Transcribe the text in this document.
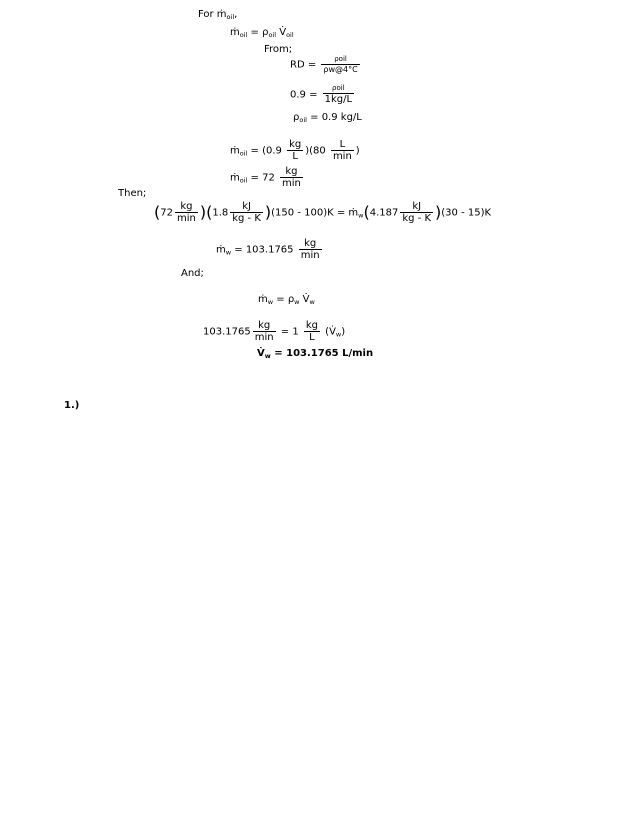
For ṁ$_{oil}$,
ṁ$_{oil}$ = $\rho_{oil}$ $V̇_{oil}$
From;
RD = $\frac{\text{ρoil}}{\rho w@4^\circ C}$
$0.9 = \frac{\text{ρoil}}{1kg/L}$
$\rho_{oil} = 0.9$ kg/L
ṁ$_{oil}$ = $(0.9 \frac{kg}{L} )(80 \frac{L}{\min}$ )
ṁ$_{oil}$ = $72 \frac{kg}{\min}$
Then;
$(72 \frac{kg}{\min} )(1.8 \frac{kJ}{kg - K} )(150 - 100)K$ = ṁ$_w$(4.187 $\frac{kJ}{kg - K} )(30 - 15)K$
ṁ$_w$ = $103.1765 \frac{kg}{\min}$
And;
ṁ$_w$ = $\rho_w$ $V̇_w$
$103.1765 \frac{kg}{\min} = 1 \frac{kg}{L}$ $(V̇_w)$
$V̇_w = 103.1765$ L/min
1.)
